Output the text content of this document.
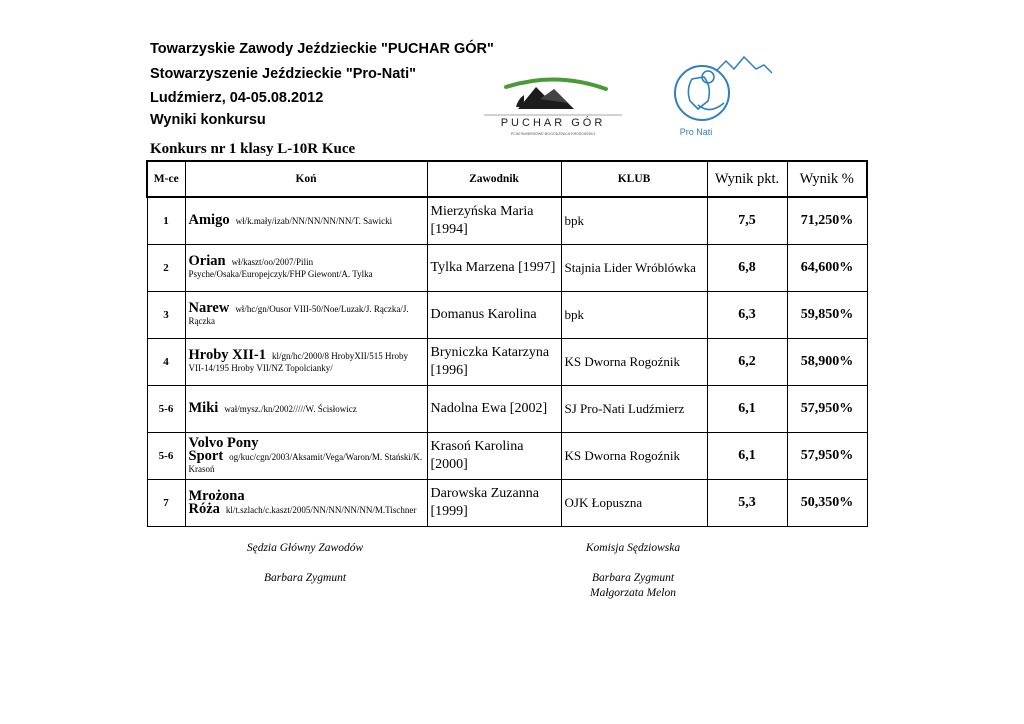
Towarzyskie Zawody Jeździeckie "PUCHAR GÓR"
Stowarzyszenie Jeździeckie "Pro-Nati"
Ludźmierz, 04-05.08.2012
Wyniki konkursu	PUCHAR GÓR
PCIM·ŚWIEKROWE·BOGODZINICA·KROŚCIENKO	Pro Nati
Konkurs nr 1 klasy L-10R Kuce
M-ce	Koń	Zawodnik	KLUB	Wynik pkt.	Wynik %
1	Amigo wł/k.mały/izab/NN/NN/NN/NN/T. Sawicki	Mierzyńska Maria [1994]	bpk	7,5	71,250%
2	Orian wł/kaszt/oo/2007/Pilin Psyche/Osaka/Europejczyk/FHP Giewont/A. Tylka	Tylka Marzena [1997]	Stajnia Lider Wróblówka	6,8	64,600%
3	Narew wł/hc/gn/Ousor VIII-50/Noe/Luzak/J. Rączka/J. Rączka	Domanus Karolina	bpk	6,3	59,850%
4	Hroby XII-1 kl/gn/hc/2000/8 HrobyXII/515 Hroby VII-14/195 Hroby VII/NZ Topolcianky/	Bryniczka Katarzyna [1996]	KS Dworna Rogoźnik	6,2	58,900%
5-6	Miki wał/mysz./kn/2002/////W. Ścisłowicz	Nadolna Ewa [2002]	SJ Pro-Nati Ludźmierz	6,1	57,950%
5-6	Volvo Pony Sport og/kuc/cgn/2003/Aksamit/Vega/Waron/M. Stański/K. Krasoń	Krasoń Karolina [2000]	KS Dworna Rogoźnik	6,1	57,950%
7	Mrożona Róża kl/t.szlach/c.kaszt/2005/NN/NN/NN/NN/M.Tischner	Darowska Zuzanna [1999]	OJK Łopuszna	5,3	50,350%
Sędzia Główny Zawodów
Barbara Zygmunt
Komisja Sędziowska
Barbara Zygmunt
Małgorzata Melon
